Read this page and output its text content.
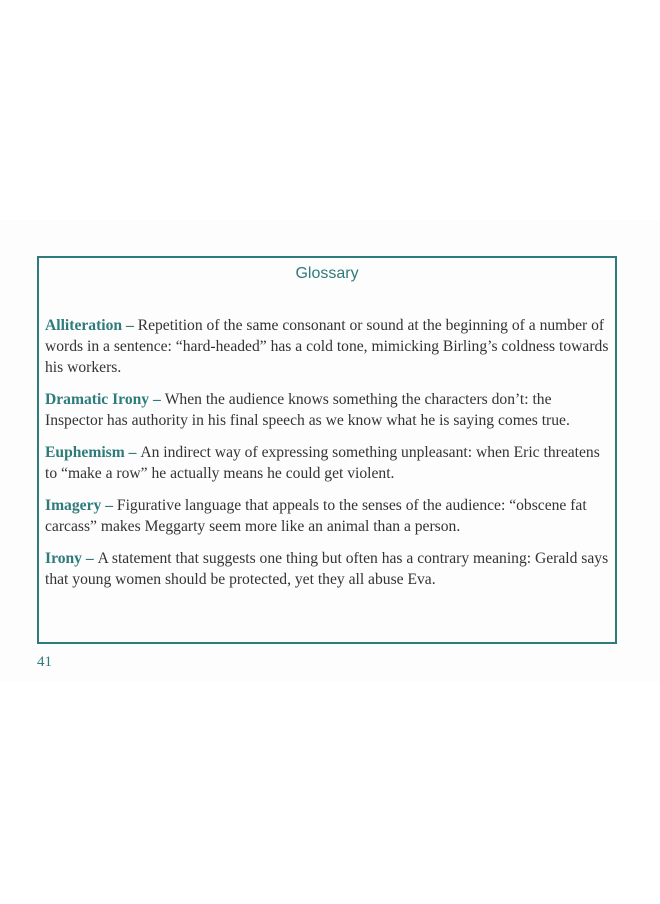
Glossary

Alliteration – Repetition of the same consonant or sound at the beginning of a number of words in a sentence: “hard-headed” has a cold tone, mimicking Birling’s coldness towards his workers.

Dramatic Irony – When the audience knows something the characters don’t: the Inspector has authority in his final speech as we know what he is saying comes true.

Euphemism – An indirect way of expressing something unpleasant: when Eric threatens to “make a row” he actually means he could get violent.

Imagery – Figurative language that appeals to the senses of the audience: “obscene fat carcass” makes Meggarty seem more like an animal than a person.

Irony – A statement that suggests one thing but often has a contrary meaning: Gerald says that young women should be protected, yet they all abuse Eva.

41
